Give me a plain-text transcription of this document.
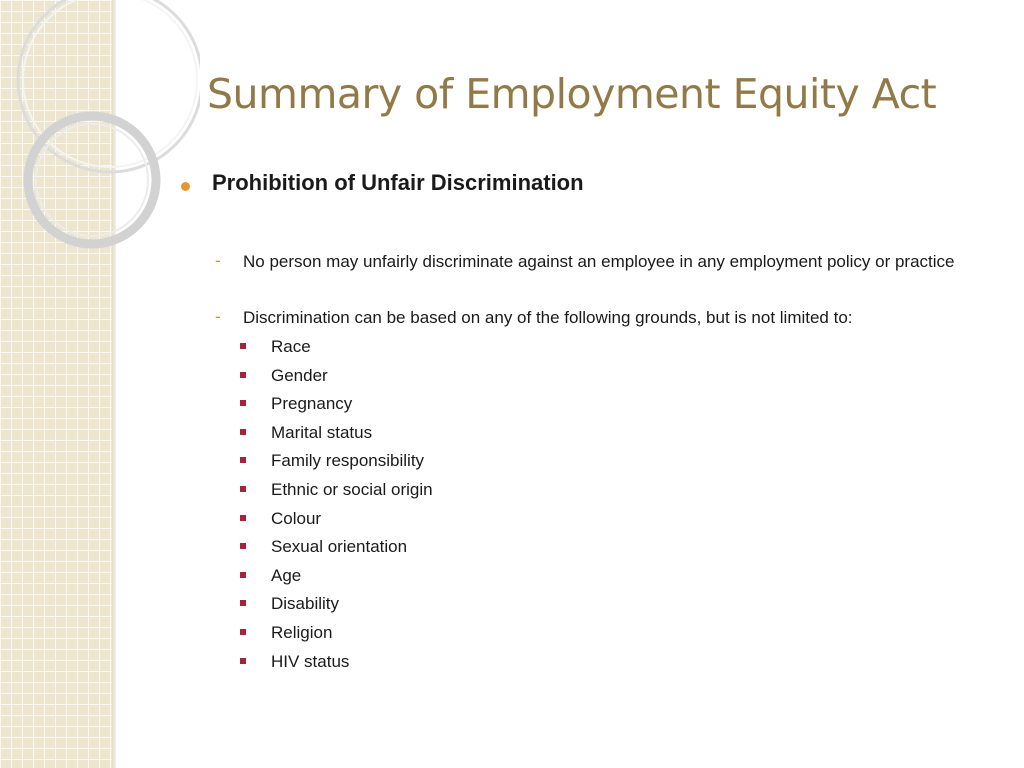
Summary of Employment Equity Act
Prohibition of Unfair Discrimination
- No person may unfairly discriminate against an employee in any employment policy or practice
- Discrimination can be based on any of the following grounds, but is not limited to:
Race
Gender
Pregnancy
Marital status
Family responsibility
Ethnic or social origin
Colour
Sexual orientation
Age
Disability
Religion
HIV status
